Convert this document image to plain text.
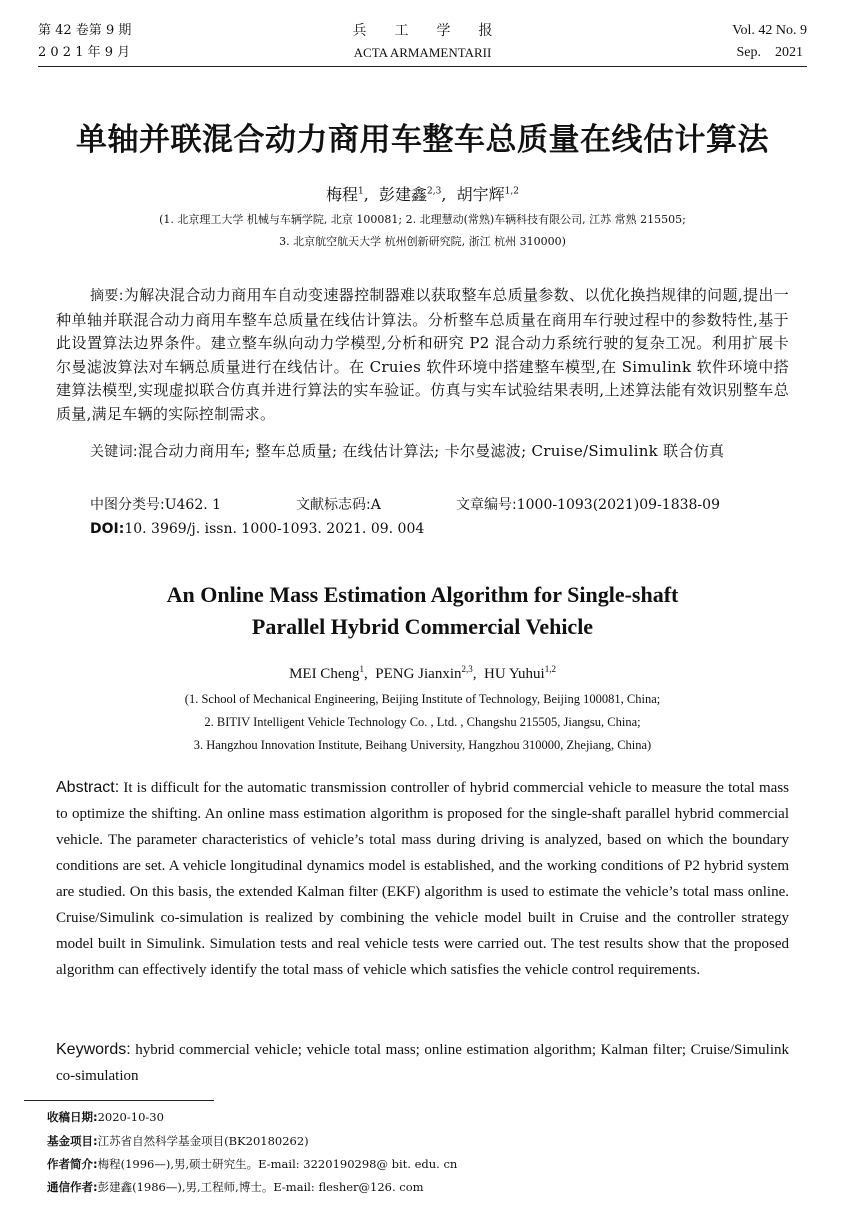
第 42 卷第 9 期
2 0 2 1 年 9 月
兵　　工　　学　　报
ACTA ARMAMENTARII
Vol. 42 No. 9
Sep.    2021
单轴并联混合动力商用车整车总质量在线估计算法
梅程$^1$,  彭建鑫$^{2,3}$,  胡宇辉$^{1,2}$
(1. 北京理工大学 机械与车辆学院, 北京 100081; 2. 北理慧动(常熟)车辆科技有限公司, 江苏 常熟 215505;
3. 北京航空航天大学 杭州创新研究院, 浙江 杭州 310000)
摘要:为解决混合动力商用车自动变速器控制器难以获取整车总质量参数、以优化换挡规律的问题,提出一种单轴并联混合动力商用车整车总质量在线估计算法。分析整车总质量在商用车行驶过程中的参数特性,基于此设置算法边界条件。建立整车纵向动力学模型,分析和研究 P2 混合动力系统行驶的复杂工况。利用扩展卡尔曼滤波算法对车辆总质量进行在线估计。在 Cruies 软件环境中搭建整车模型,在 Simulink 软件环境中搭建算法模型,实现虚拟联合仿真并进行算法的实车验证。仿真与实车试验结果表明,上述算法能有效识别整车总质量,满足车辆的实际控制需求。
关键词:混合动力商用车; 整车总质量; 在线估计算法; 卡尔曼滤波; Cruise/Simulink 联合仿真
中图分类号:U462. 1	文献标志码:A	文章编号:1000-1093(2021)09-1838-09
DOI:10. 3969/j. issn. 1000-1093. 2021. 09. 004
An Online Mass Estimation Algorithm for Single-shaft
Parallel Hybrid Commercial Vehicle
MEI Cheng$^1$,  PENG Jianxin$^{2,3}$,  HU Yuhui$^{1,2}$
(1. School of Mechanical Engineering, Beijing Institute of Technology, Beijing 100081, China;
2. BITIV Intelligent Vehicle Technology Co. , Ltd. , Changshu 215505, Jiangsu, China;
3. Hangzhou Innovation Institute, Beihang University, Hangzhou 310000, Zhejiang, China)
Abstract: It is difficult for the automatic transmission controller of hybrid commercial vehicle to measure the total mass to optimize the shifting. An online mass estimation algorithm is proposed for the single-shaft parallel hybrid commercial vehicle. The parameter characteristics of vehicle’s total mass during driving is analyzed, based on which the boundary conditions are set. A vehicle longitudinal dynamics model is established, and the working conditions of P2 hybrid system are studied. On this basis, the extended Kalman filter (EKF) algorithm is used to estimate the vehicle’s total mass online. Cruise/Simulink co-simulation is realized by combining the vehicle model built in Cruise and the controller strategy model built in Simulink. Simulation tests and real vehicle tests were carried out. The test results show that the proposed algorithm can effectively identify the total mass of vehicle which satisfies the vehicle control requirements.
Keywords: hybrid commercial vehicle; vehicle total mass; online estimation algorithm; Kalman filter; Cruise/Simulink co-simulation
收稿日期:2020-10-30
基金项目:江苏省自然科学基金项目(BK20180262)
作者简介:梅程(1996—),男,硕士研究生。E-mail: 3220190298@ bit. edu. cn
通信作者:彭建鑫(1986—),男,工程师,博士。E-mail: flesher@126. com
